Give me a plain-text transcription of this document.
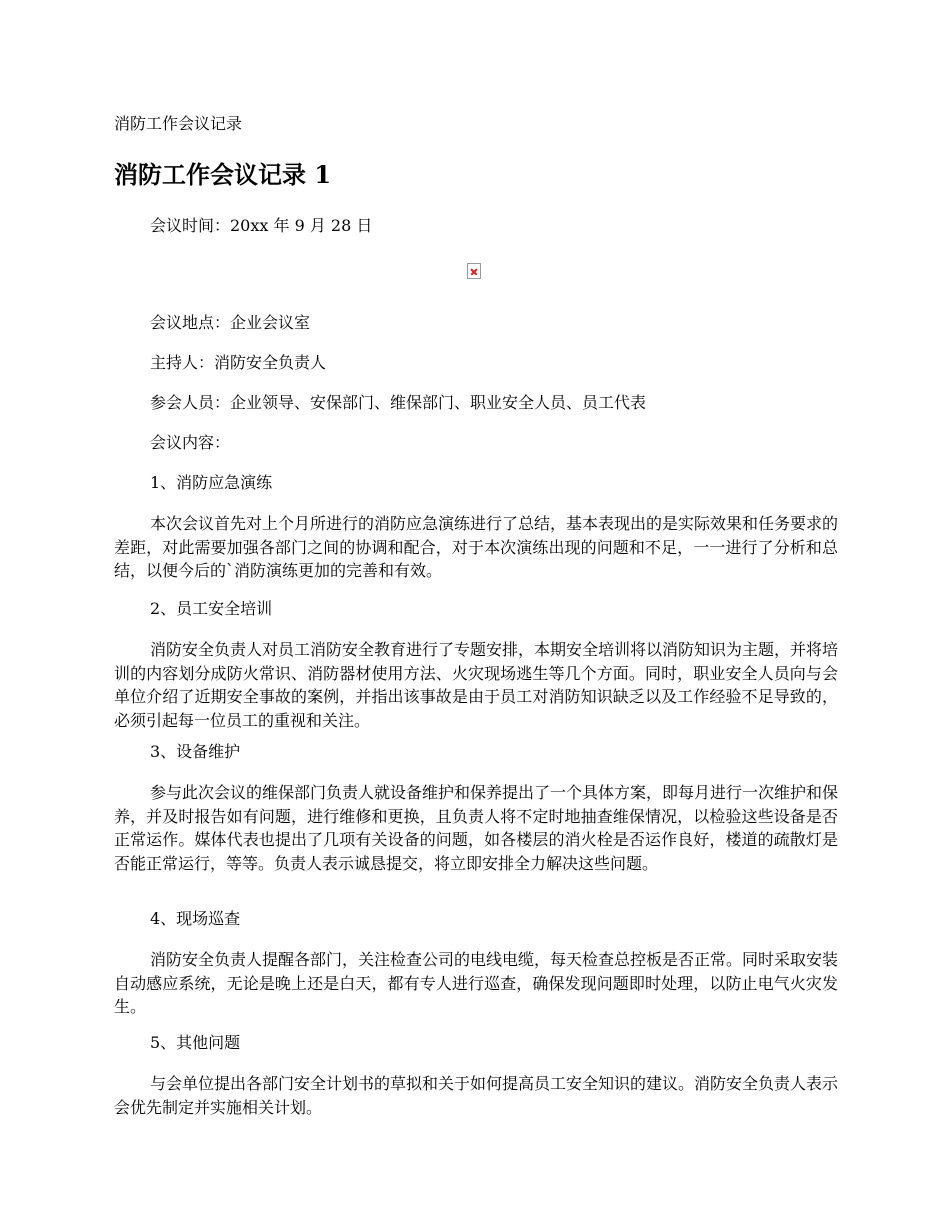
消防工作会议记录
消防工作会议记录 1
会议时间：20xx 年 9 月 28 日
会议地点：企业会议室
主持人：消防安全负责人
参会人员：企业领导、安保部门、维保部门、职业安全人员、员工代表
会议内容：
1、消防应急演练

本次会议首先对上个月所进行的消防应急演练进行了总结，基本表现出的是实际效果和任务要求的差距，对此需要加强各部门之间的协调和配合，对于本次演练出现的问题和不足，一一进行了分析和总结，以便今后的`消防演练更加的完善和有效。

2、员工安全培训

消防安全负责人对员工消防安全教育进行了专题安排，本期安全培训将以消防知识为主题，并将培训的内容划分成防火常识、消防器材使用方法、火灾现场逃生等几个方面。同时，职业安全人员向与会单位介绍了近期安全事故的案例，并指出该事故是由于员工对消防知识缺乏以及工作经验不足导致的，必须引起每一位员工的重视和关注。

3、设备维护

参与此次会议的维保部门负责人就设备维护和保养提出了一个具体方案，即每月进行一次维护和保养，并及时报告如有问题，进行维修和更换，且负责人将不定时地抽查维保情况，以检验这些设备是否正常运作。媒体代表也提出了几项有关设备的问题，如各楼层的消火栓是否运作良好，楼道的疏散灯是否能正常运行，等等。负责人表示诚恳提交，将立即安排全力解决这些问题。

4、现场巡查

消防安全负责人提醒各部门，关注检查公司的电线电缆，每天检查总控板是否正常。同时采取安装自动感应系统，无论是晚上还是白天，都有专人进行巡查，确保发现问题即时处理，以防止电气火灾发生。

5、其他问题

与会单位提出各部门安全计划书的草拟和关于如何提高员工安全知识的建议。消防安全负责人表示会优先制定并实施相关计划。
